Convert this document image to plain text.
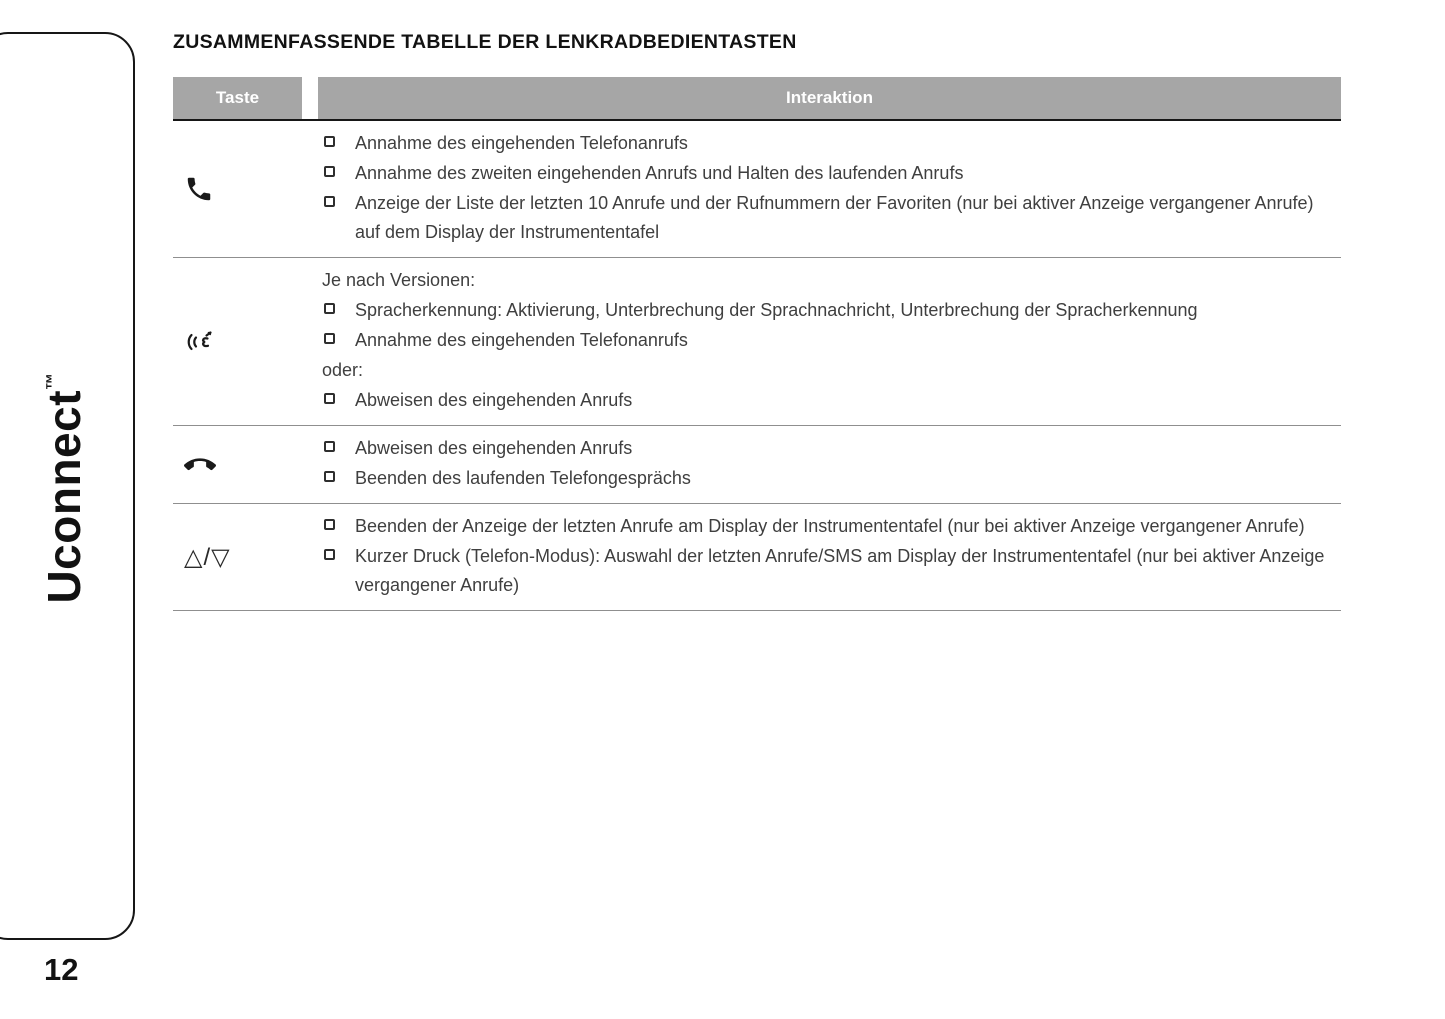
Uconnect™
12
ZUSAMMENFASSENDE TABELLE DER LENKRADBEDIENTASTEN
Taste	Interaktion
Annahme des eingehenden Telefonanrufs
Annahme des zweiten eingehenden Anrufs und Halten des laufenden Anrufs
Anzeige der Liste der letzten 10 Anrufe und der Rufnummern der Favoriten (nur bei aktiver Anzeige vergangener Anrufe) auf dem Display der Instrumententafel
Je nach Versionen:
Spracherkennung: Aktivierung, Unterbrechung der Sprachnachricht, Unterbrechung der Spracherkennung
Annahme des eingehenden Telefonanrufs
oder:
Abweisen des eingehenden Anrufs
Abweisen des eingehenden Anrufs
Beenden des laufenden Telefongesprächs
△/▽
Beenden der Anzeige der letzten Anrufe am Display der Instrumententafel (nur bei aktiver Anzeige vergangener Anrufe)
Kurzer Druck (Telefon-Modus): Auswahl der letzten Anrufe/SMS am Display der Instrumententafel (nur bei aktiver Anzeige vergangener Anrufe)
